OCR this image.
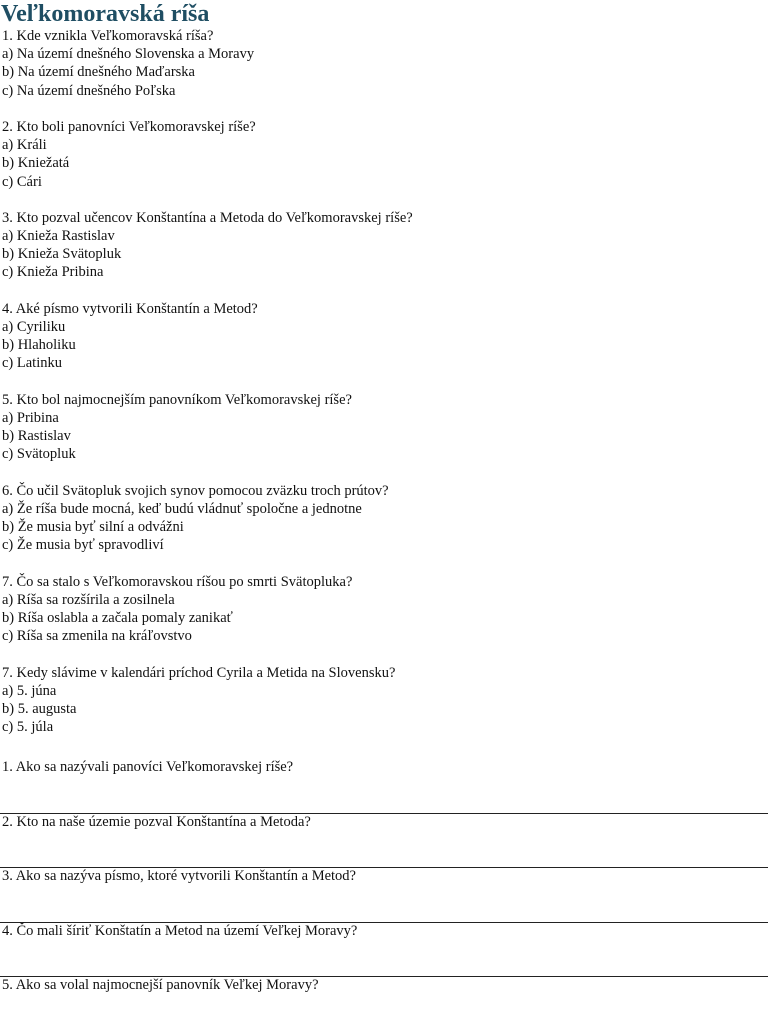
Veľkomoravská ríša
1. Kde vznikla Veľkomoravská ríša?
a) Na území dnešného Slovenska a Moravy
b) Na území dnešného Maďarska
c) Na území dnešného Poľska
2. Kto boli panovníci Veľkomoravskej ríše?
a) Králi
b) Kniežatá
c) Cári
3. Kto pozval učencov Konštantína a Metoda do Veľkomoravskej ríše?
a) Knieža Rastislav
b) Knieža Svätopluk
c) Knieža Pribina
4. Aké písmo vytvorili Konštantín a Metod?
a) Cyriliku
b) Hlaholiku
c) Latinku
5. Kto bol najmocnejším panovníkom Veľkomoravskej ríše?
a) Pribina
b) Rastislav
c) Svätopluk
6. Čo učil Svätopluk svojich synov pomocou zväzku troch prútov?
a) Že ríša bude mocná, keď budú vládnuť spoločne a jednotne
b) Že musia byť silní a odvážni
c) Že musia byť spravodliví
7. Čo sa stalo s Veľkomoravskou ríšou po smrti Svätopluka?
a) Ríša sa rozšírila a zosilnela
b) Ríša oslabla a začala pomaly zanikať
c) Ríša sa zmenila na kráľovstvo
7. Kedy slávime v kalendári príchod Cyrila a Metida na Slovensku?
a) 5. júna
b) 5. augusta
c) 5. júla
1. Ako sa nazývali panovíci Veľkomoravskej ríše?
2. Kto na naše územie pozval Konštantína a Metoda?
3. Ako sa nazýva písmo, ktoré vytvorili Konštantín a Metod?
4. Čo mali šíriť Konštatín a Metod na území Veľkej Moravy?
5. Ako sa volal najmocnejší panovník Veľkej Moravy?
